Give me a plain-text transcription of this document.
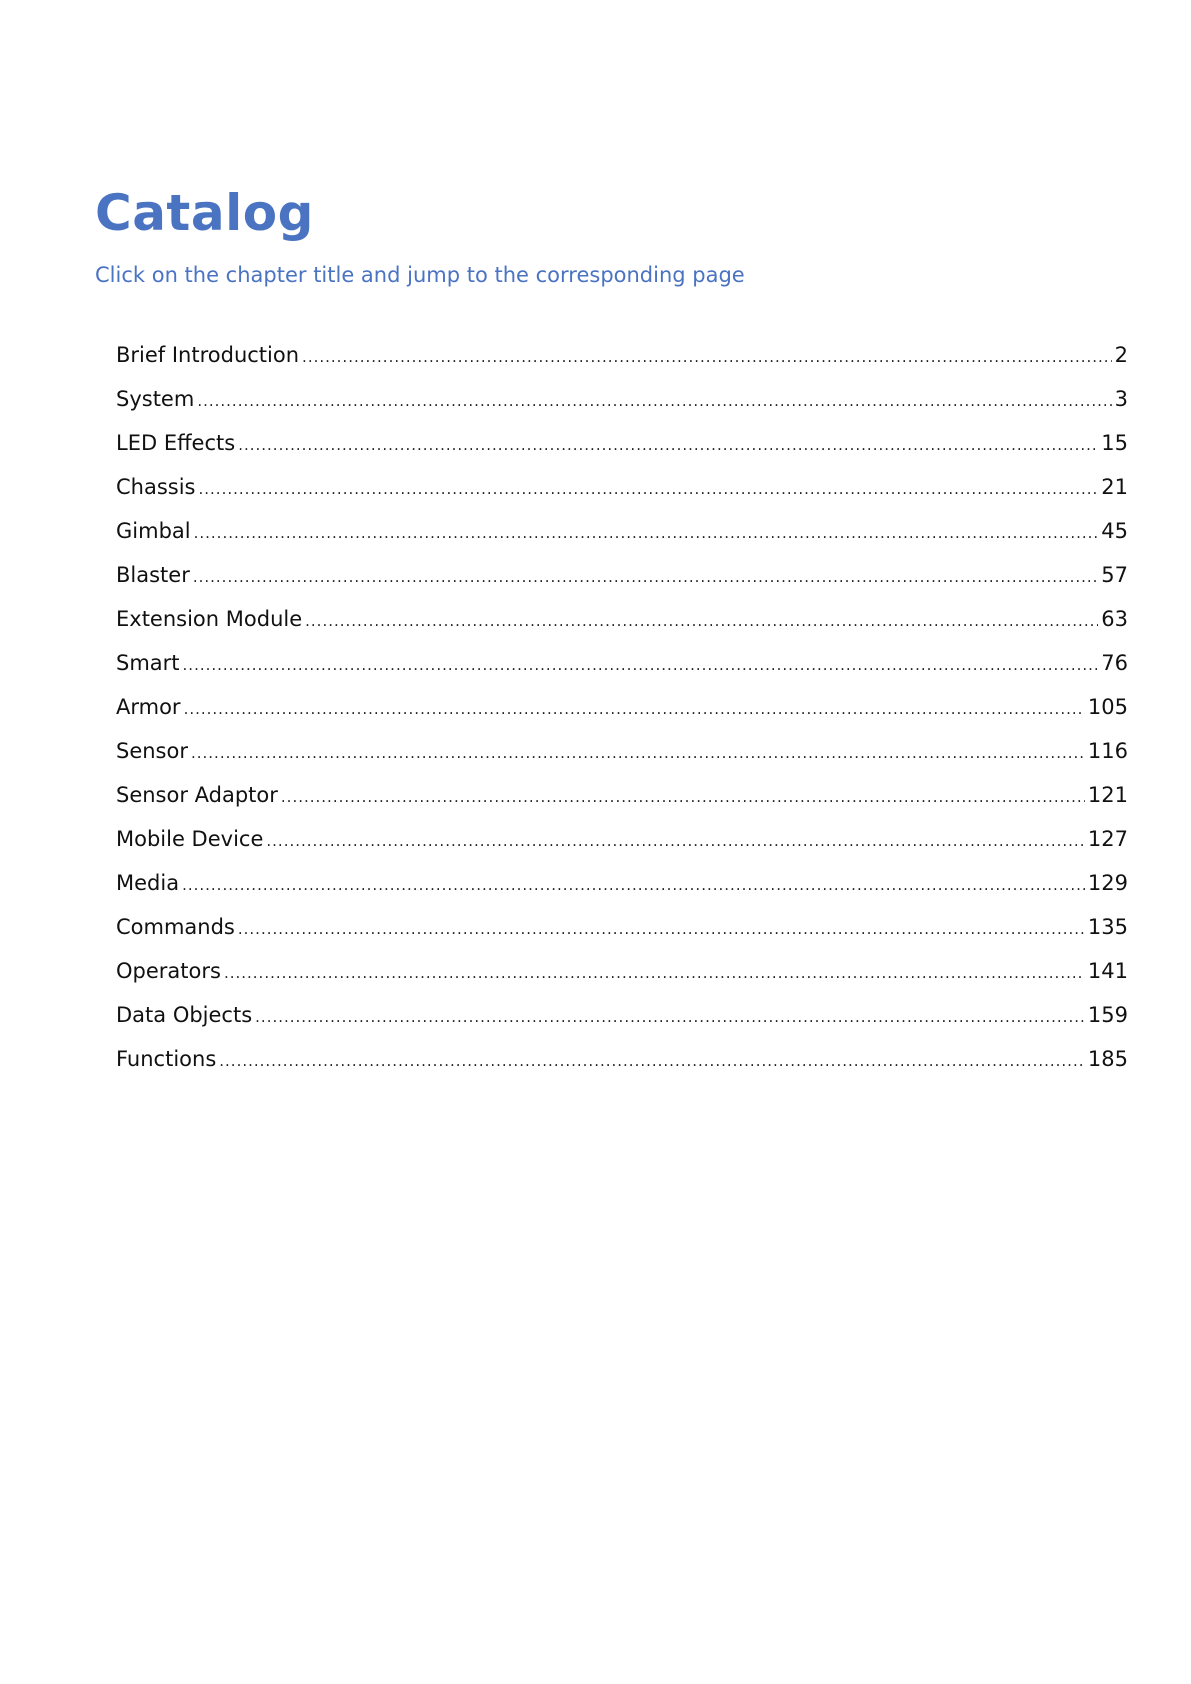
Catalog

Click on the chapter title and jump to the corresponding page

Brief Introduction .....	2
System .....	3
LED Effects .....	15
Chassis .....	21
Gimbal .....	45
Blaster .....	57
Extension Module .....	63
Smart .....	76
Armor .....	105
Sensor .....	116
Sensor Adaptor .....	121
Mobile Device .....	127
Media .....	129
Commands .....	135
Operators .....	141
Data Objects .....	159
Functions .....	185
